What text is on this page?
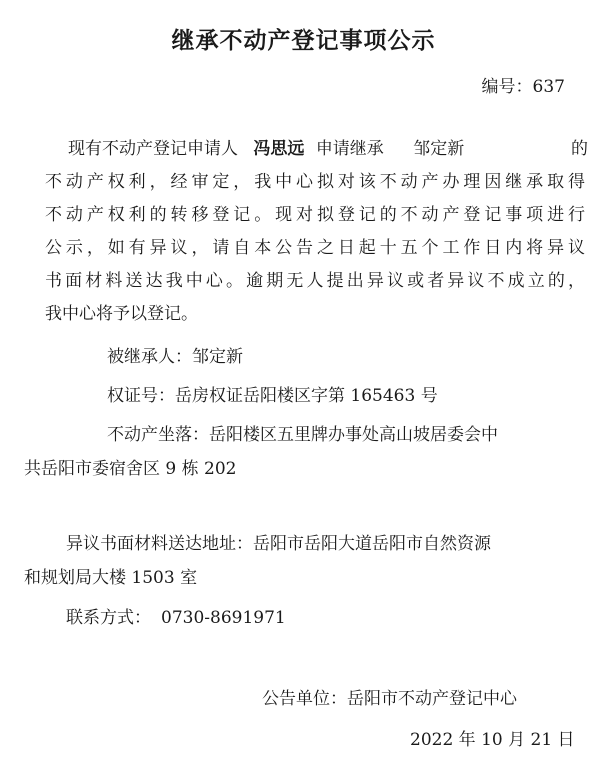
继承不动产登记事项公示
编号：637
现有不动产登记申请人 冯思远 申请继承 邹定新	的
不动产权利，经审定，我中心拟对该不动产办理因继承取得
不动产权利的转移登记。现对拟登记的不动产登记事项进行
公示，如有异议，请自本公告之日起十五个工作日内将异议
书面材料送达我中心。逾期无人提出异议或者异议不成立的，
我中心将予以登记。
被继承人：邹定新
权证号：岳房权证岳阳楼区字第 165463 号
不动产坐落：岳阳楼区五里牌办事处高山坡居委会中
共岳阳市委宿舍区 9 栋 202
异议书面材料送达地址：岳阳市岳阳大道岳阳市自然资源
和规划局大楼 1503 室
联系方式： 0730-8691971
公告单位：岳阳市不动产登记中心
2022 年 10 月 21 日
